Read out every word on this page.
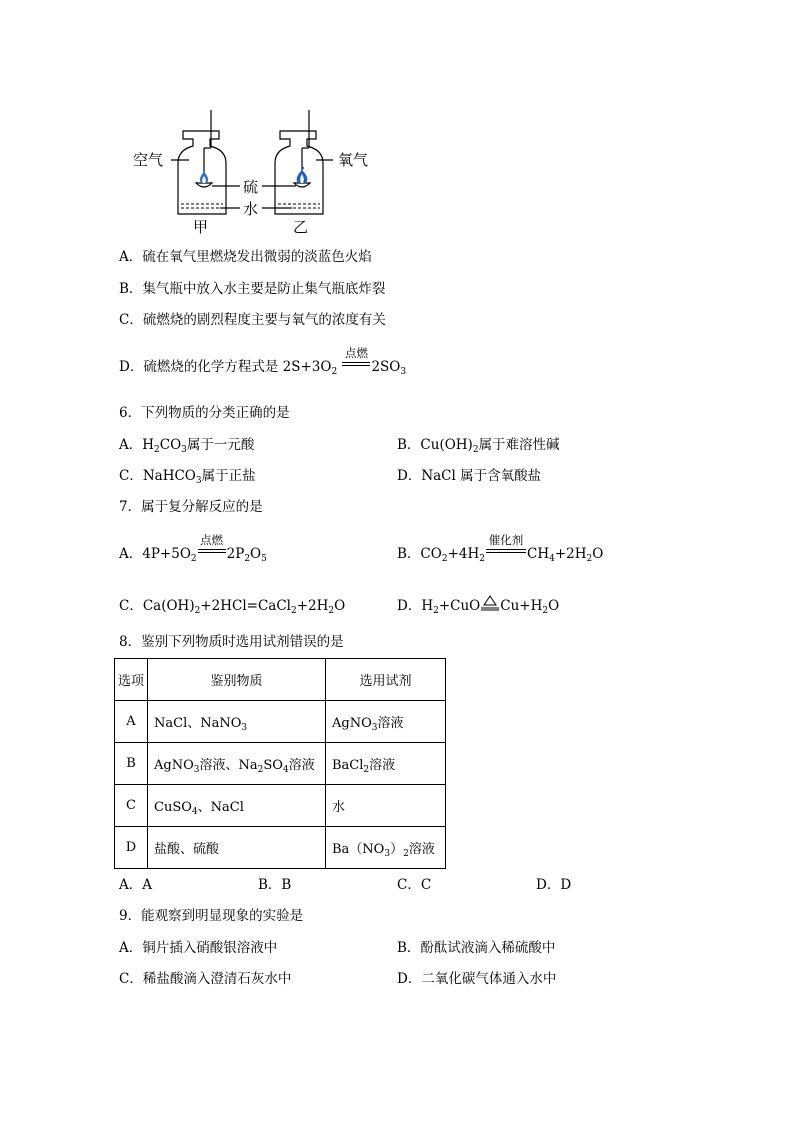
空气	氧气
硫
水
甲	乙
A．硫在氧气里燃烧发出微弱的淡蓝色火焰
B．集气瓶中放入水主要是防止集气瓶底炸裂
C．硫燃烧的剧烈程度主要与氧气的浓度有关
D．硫燃烧的化学方程式是 $2S+3O_2$
点燃
$2SO_3$
6．下列物质的分类正确的是
A．$H_2CO_3$属于一元酸	B．$Cu(OH)_2$属于难溶性碱
C．NaHCO$_3$属于正盐	D．NaCl 属于含氧酸盐
7．属于复分解反应的是
A．$4P+5O_2$
点燃
$2P_2O_5$	B．$CO_2+4H_2$
催化剂
$CH_4+2H_2O$
C．$Ca(OH)_2+2HCl=CaCl_2+2H_2O$	D．$H_2+CuO$ $Cu+H_2O$
8．鉴别下列物质时选用试剂错误的是
选项	鉴别物质	选用试剂
A	NaCl、NaNO$_3$	AgNO$_3$溶液
B	AgNO$_3$溶液、$Na_2SO_4$溶液	BaCl$_2$溶液
C	CuSO$_4$、NaCl	水
D	盐酸、硫酸	$Ba(NO_3)_2$溶液
A．A	B．B	C．C	D．D
9．能观察到明显现象的实验是
A．铜片插入硝酸银溶液中	B．酚酞试液滴入稀硫酸中
C．稀盐酸滴入澄清石灰水中	D．二氧化碳气体通入水中
